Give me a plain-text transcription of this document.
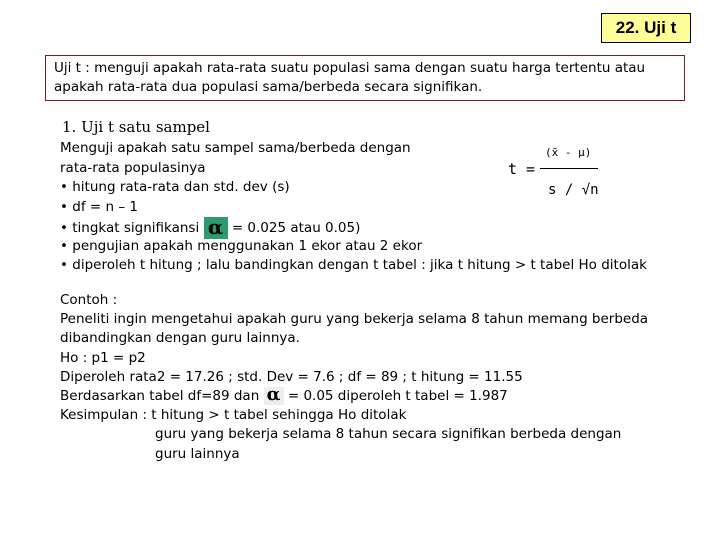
22. Uji t
Uji t : menguji apakah rata-rata suatu populasi sama dengan suatu harga tertentu atau apakah rata-rata dua populasi sama/berbeda secara signifikan.
1. Uji t satu sampel
Menguji apakah satu sampel sama/berbeda dengan
rata-rata populasinya
• hitung rata-rata dan std. dev (s)
• df = n – 1
• tingkat signifikansi α = 0.025 atau 0.05)
• pengujian apakah menggunakan 1 ekor atau 2 ekor
• diperoleh t hitung ; lalu bandingkan dengan t tabel : jika t hitung > t tabel Ho ditolak
(x̄ - μ)
t =
s / √n
Contoh :
Peneliti ingin mengetahui apakah guru yang bekerja selama 8 tahun memang berbeda
dibandingkan dengan guru lainnya.
Ho : p1 = p2
Diperoleh rata2 = 17.26 ; std. Dev = 7.6 ; df = 89 ; t hitung = 11.55
Berdasarkan tabel df=89 dan α = 0.05 diperoleh t tabel = 1.987
Kesimpulan : t hitung > t tabel sehingga Ho ditolak
guru yang bekerja selama 8 tahun secara signifikan berbeda dengan
guru lainnya
